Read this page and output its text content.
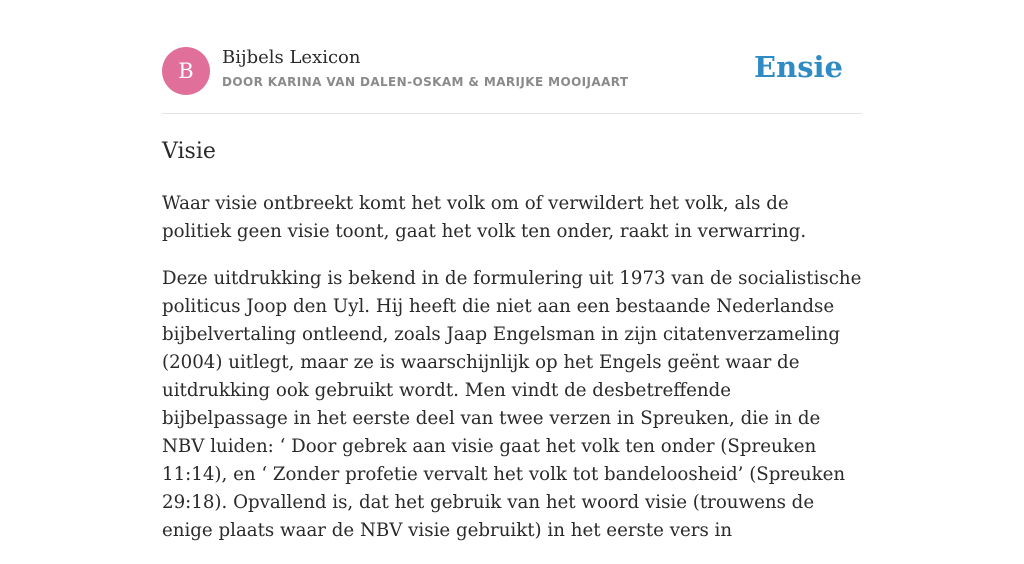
B
Bijbels Lexicon
DOOR KARINA VAN DALEN-OSKAM & MARIJKE MOOIJAART	Ensie
Visie

Waar visie ontbreekt komt het volk om of verwildert het volk, als de politiek geen visie toont, gaat het volk ten onder, raakt in verwarring.

Deze uitdrukking is bekend in de formulering uit 1973 van de socialistische politicus Joop den Uyl. Hij heeft die niet aan een bestaande Nederlandse bijbelvertaling ontleend, zoals Jaap Engelsman in zijn citatenverzameling (2004) uitlegt, maar ze is waarschijnlijk op het Engels geënt waar de uitdrukking ook gebruikt wordt. Men vindt de desbetreffende bijbelpassage in het eerste deel van twee verzen in Spreuken, die in de NBV luiden: ‘ Door gebrek aan visie gaat het volk ten onder (Spreuken 11:14), en ‘ Zonder profetie vervalt het volk tot bandeloosheid’ (Spreuken 29:18). Opvallend is, dat het gebruik van het woord visie (trouwens de enige plaats waar de NBV visie gebruikt) in het eerste vers in
